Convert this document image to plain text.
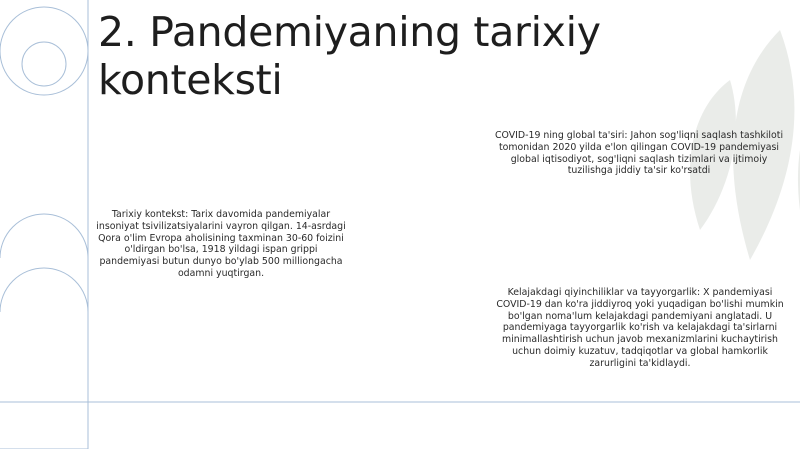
2. Pandemiyaning tarixiy konteksti

COVID-19 ning global ta'siri: Jahon sog'liqni saqlash tashkiloti tomonidan 2020 yilda e'lon qilingan COVID-19 pandemiyasi global iqtisodiyot, sog'liqni saqlash tizimlari va ijtimoiy tuzilishga jiddiy ta'sir ko'rsatdi

Tarixiy kontekst: Tarix davomida pandemiyalar insoniyat tsivilizatsiyalarini vayron qilgan. 14-asrdagi Qora o'lim Evropa aholisining taxminan 30-60 foizini o'ldirgan bo'lsa, 1918 yildagi ispan grippi pandemiyasi butun dunyo bo'ylab 500 milliongacha odamni yuqtirgan.

Kelajakdagi qiyinchiliklar va tayyorgarlik: X pandemiyasi COVID-19 dan ko'ra jiddiyroq yoki yuqadigan bo'lishi mumkin bo'lgan noma'lum kelajakdagi pandemiyani anglatadi. U pandemiyaga tayyorgarlik ko'rish va kelajakdagi ta'sirlarni minimallashtirish uchun javob mexanizmlarini kuchaytirish uchun doimiy kuzatuv, tadqiqotlar va global hamkorlik zarurligini ta'kidlaydi.
